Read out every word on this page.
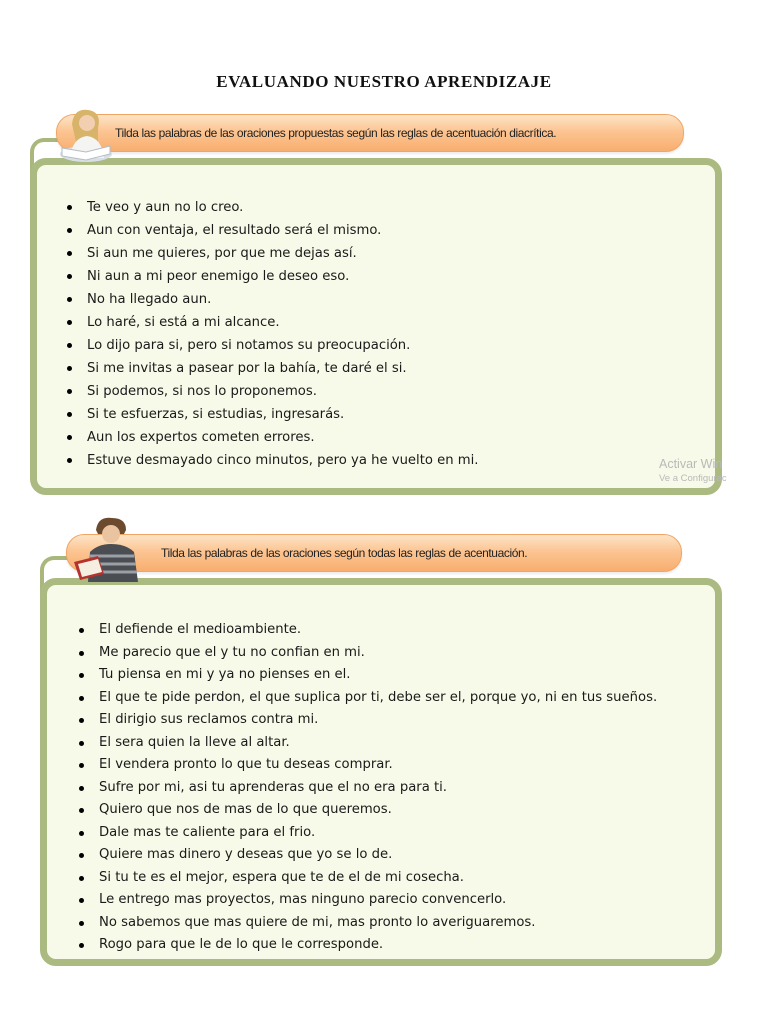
EVALUANDO NUESTRO APRENDIZAJE
Te veo y aun no lo creo.
Aun con ventaja, el resultado será el mismo.
Si aun me quieres, por que me dejas así.
Ni aun a mi peor enemigo le deseo eso.
No ha llegado aun.
Lo haré, si está a mi alcance.
Lo dijo para si, pero si notamos su preocupación.
Si me invitas a pasear por la bahía, te daré el si.
Si podemos, si nos lo proponemos.
Si te esfuerzas, si estudias, ingresarás.
Aun los expertos cometen errores.
Estuve desmayado cinco minutos, pero ya he vuelto en mi.
Tilda las palabras de las oraciones propuestas según las reglas de acentuación diacrítica.
El defiende el medioambiente.
Me parecio que el y tu no confian en mi.
Tu piensa en mi y ya no pienses en el.
El que te pide perdon, el que suplica por ti, debe ser el, porque yo, ni en tus sueños.
El dirigio sus reclamos contra mi.
El sera quien la lleve al altar.
El vendera pronto lo que tu deseas comprar.
Sufre por mi, asi tu aprenderas que el no era para ti.
Quiero que nos de mas de lo que queremos.
Dale mas te caliente para el frio.
Quiere mas dinero y deseas que yo se lo de.
Si tu te es el mejor, espera que te de el de mi cosecha.
Le entrego mas proyectos, mas ninguno parecio convencerlo.
No sabemos que mas quiere de mi, mas pronto lo averiguaremos.
Rogo para que le de lo que le corresponde.
Tilda las palabras de las oraciones según todas las reglas de acentuación.
Activar Win
Ve a Configurac
